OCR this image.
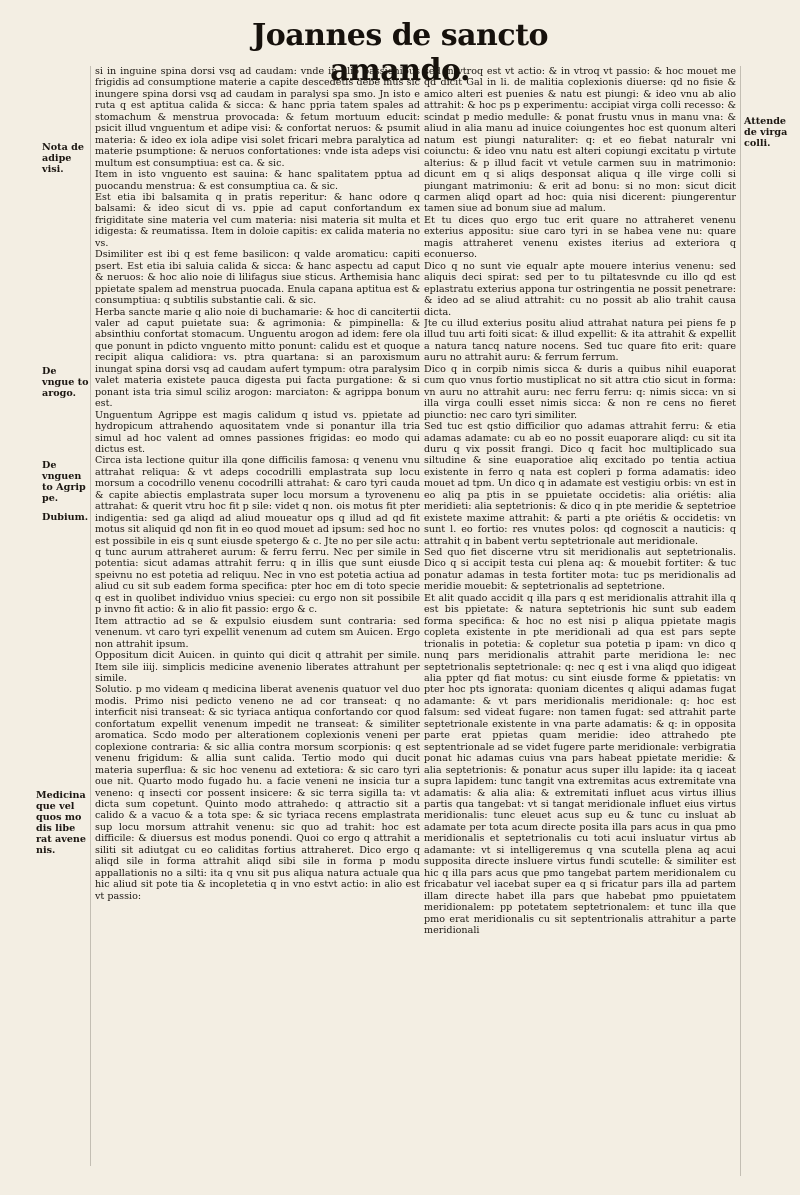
Joannes de sancto amando.
Nota de adipe visi.
De vngue to arogo.
De vnguen to Agrip pe.
Dubium.
Medicina que vel quos mo dis libe rat avene nis.
Attende de virga colli.

si in inguine spina dorsi vsq ad caudam: vnde in alio passionibus frigidis ad consumptione materie a capite descedetis debe mus sic inungere spina dorsi vsq ad caudam in paralysi spa smo. Jn isto e ruta q est aptitua calida & sicca: & hanc ppria tatem spales ad stomachum & menstrua provocada: & fetum mortuum educit: psicit illud vnguentum et adipe visi: & confortat neruos: & psumit materia: & ideo ex iola adipe visi solet fricari mebra paralytica ad materie psumptione: & neruos confortationes: vnde ista adeps visi multum est consumptiua: est ca. & sic.

Item in isto vnguento est sauina: & hanc spalitatem pptua ad puocandu menstrua: & est consumptiua ca. & sic.

Est etia ibi balsamita q in pratis reperitur: & hanc odore q balsami: & ideo sicut di vs. ppie ad caput confortandum ex frigiditate sine materia vel cum materia: nisi materia sit multa et idigesta: & reumatissa. Item in doloie capitis: ex calida materia no vs.

Dsimiliter est ibi q est feme basilicon: q valde aromaticu: capiti psert. Est etia ibi saluia calida & sicca: & hanc aspectu ad caput & neruos: & hoc alio noie di lilifagus siue sticus. Arthemisia hanc ppietate spalem ad menstrua puocada. Enula capana aptitua est & consumptiua: q subtilis substantie cali. & sic.

Herba sancte marie q alio noie di buchamarie: & hoc di cancitertii valer ad caput puietate sua: & agrimonia: & pimpinella: & absinthiu confortat stomacum. Unguentu arogon ad idem: fere ola que ponunt in pdicto vnguento mitto ponunt: calidu est et quoque recipit aliqua calidiora: vs. ptra quartana: si an paroxismum inungat spina dorsi vsq ad caudam aufert tympum: otra paralysim valet materia existete pauca digesta pui facta purgatione: & si ponant ista tria simul sciliz arogon: marciaton: & agrippa bonum est.

Unguentum Agrippe est magis calidum q istud vs. ppietate ad hydropicum attrahendo aquositatem vnde si ponantur illa tria simul ad hoc valent ad omnes passiones frigidas: eo modo qui dictus est.

Circa ista lectione quitur illa qone difficilis famosa: q venenu vnu attrahat reliqua: & vt adeps cocodrilli emplastrata sup locu morsum a cocodrillo venenu cocodrilli attrahat: & caro tyri cauda & capite abiectis emplastrata super locu morsum a tyrovenenu attrahat: & querit vtru hoc fit p sile: videt q non. ois motus fit pter indigentia: sed ga aliqd ad aliud moueatur ops q illud ad qd fit motus sit aliquid qd non fit in eo quod mouet ad ipsum: sed hoc no est possibile in eis q sunt eiusde spetergo & c. Jte no per sile actu: q tunc aurum attraheret aurum: & ferru ferru. Nec per simile in potentia: sicut adamas attrahit ferru: q in illis que sunt eiusde speivnu no est potetia ad reliquu. Nec in vno est potetia actiua ad aliud cu sit sub eadem forma specifica: pter hoc em di toto specie q est in quolibet individuo vnius speciei: cu ergo non sit possibile p invno fit actio: & in alio fit passio: ergo & c.

Item attractio ad se & expulsio eiusdem sunt contraria: sed venenum. vt caro tyri expellit venenum ad cutem sm Auicen. Ergo non attrahit ipsum.

Oppositum dicit Auicen. in quinto qui dicit q attrahit per simile. Item sile iiij. simplicis medicine avenenio liberates attrahunt per simile.

Solutio. p mo videam q medicina liberat avenenis quatuor vel duo modis. Primo nisi pedicto veneno ne ad cor transeat: q no interficit nisi transeat: & sic tyriaca antiqua confortando cor quod confortatum expellit venenum impedit ne transeat: & similiter aromatica. Scdo modo per alterationem coplexionis veneni per coplexione contraria: & sic allia contra morsum scorpionis: q est venenu frigidum: & allia sunt calida. Tertio modo qui ducit materia superflua: & sic hoc venenu ad extetiora: & sic caro tyri oue nit. Quarto modo fugado hu. a facie veneni ne insicia tur a veneno: q insecti cor possent insicere: & sic terra sigilla ta: vt dicta sum copetunt. Quinto modo attrahedo: q attractio sit a calido & a vacuo & a tota spe: & sic tyriaca recens emplastrata sup locu morsum attrahit venenu: sic quo ad trahit: hoc est difficile: & diuersus est modus ponendi. Quoi co ergo q attrahit a siliti sit adiutgat cu eo caliditas fortius attraheret. Dico ergo q aliqd sile in forma attrahit aliqd sibi sile in forma p modu appallationis no a silti: ita q vnu sit pus aliqua natura actuale qua hic aliud sit pote tia & incopletetia q in vno estvt actio: in alio est vt passio:

sed in vtroq est vt actio: & in vtroq vt passio: & hoc mouet me qd dicit Gal in li. de malitia coplexionis diuerse: qd no fisie & amico alteri est puenies & natu est piungi: & ideo vnu ab alio attrahit: & hoc ps p experimentu: accipiat virga colli recesso: & scindat p medio medulle: & ponat frustu vnus in manu vna: & aliud in alia manu ad inuice coiungentes hoc est quonum alteri natum est piungi naturaliter: q: et eo fiebat naturalr vni coiunctu: & ideo vnu natu est alteri copiungi excitatu p virtute alterius: & p illud facit vt vetule carmen suu in matrimonio: dicunt em q si aliqs desponsat aliqua q ille virge colli si piungant matrimoniu: & erit ad bonu: si no mon: sicut dicit carmen aliqd opart ad hoc: quia nisi dicerent: piungerentur tamen siue ad bonum siue ad malum.

Et tu dices quo ergo tuc erit quare no attraheret venenu exterius appositu: siue caro tyri in se habea vene nu: quare magis attraheret venenu existes iterius ad exteriora q econuerso.

Dico q no sunt vie equalr apte mouere interius venenu: sed aliquis deci spirat: sed per to tu piltatesvnde cu illo qd est eplastratu exterius appona tur ostringentia ne possit penetrare: & ideo ad se aliud attrahit: cu no possit ab alio trahit causa dicta.

Jte cu illud exterius positu aliud attrahat natura pei piens fe p illud tuu arti foiti sicat: & illud expellit: & ita attrahit & expellit a natura tancq nature nocens. Sed tuc quare fito erit: quare auru no attrahit auru: & ferrum ferrum.

Dico q in corpib nimis sicca & duris a quibus nihil euaporat cum quo vnus fortio mustiplicat no sit attra ctio sicut in forma: vn auru no attrahit auru: nec ferru ferru: q: nimis sicca: vn si illa virga coulli esset nimis sicca: & non re cens no fieret piunctio: nec caro tyri similiter.

Sed tuc est qstio difficilior quo adamas attrahit ferru: & etia adamas adamate: cu ab eo no possit euaporare aliqd: cu sit ita duru q vix possit frangi. Dico q facit hoc multiplicado sua siltudine & sine euaporatioe aliq excitado po tentia actiua existente in ferro q nata est copleri p forma adamatis: ideo mouet ad tpm. Un dico q in adamate est vestigiu orbis: vn est in eo aliq pa ptis in se ppuietate occidetis: alia oriétis: alia meridieti: alia septetrionis: & dico q in pte meridie & septetrioe existete maxime attrahit: & parti a pte oriétis & occidetis: vn sunt l. eo fortio: res vnutes polos: qd cognoscit a nauticis: q attrahit q in babent vertu septetrionale aut meridionale.

Sed quo fiet discerne vtru sit meridionalis aut septetrionalis. Dico q si accipit testa cui plena aq: & mouebit fortiter: & tuc ponatur adamas in testa fortiter mota: tuc ps meridionalis ad meridie mouebit: & septetrionalis ad septetrione.

Et alit quado accidit q illa pars q est meridionalis attrahit illa q est bis ppietate: & natura septetrionis hic sunt sub eadem forma specifica: & hoc no est nisi p aliqua ppietate magis copleta existente in pte meridionali ad qua est pars septe trionalis in potetia: & copletur sua potetia p ipam: vn dico q nunq pars meridionalis attrahit parte meridiona le: nec septetrionalis septetrionale: q: nec q est i vna aliqd quo idigeat alia ppter qd fiat motus: cu sint eiusde forme & ppietatis: vn pter hoc pts ignorata: quoniam dicentes q aliqui adamas fugat adamante: & vt pars meridionalis meridionale: q: hoc est falsum: sed videat fugare: non tamen fugat: sed attrahit parte septetrionale existente in vna parte adamatis: & q: in opposita parte erat ppietas quam meridie: ideo attrahedo pte septentrionale ad se videt fugere parte meridionale: verbigratia ponat hic adamas cuius vna pars habeat ppietate meridie: & alia septetrionis: & ponatur acus super illu lapide: ita q iaceat supra lapidem: tunc tangit vna extremitas acus extremitate vna adamatis: & alia alia: & extremitati influet acus virtus illius partis qua tangebat: vt si tangat meridionale influet eius virtus meridionalis: tunc eleuet acus sup eu & tunc cu insluat ab adamate per tota acum directe posita illa pars acus in qua pmo meridionalis et septetrionalis cu toti acui insluatur virtus ab adamante: vt si intelligeremus q vna scutella plena aq acui supposita directe insluere virtus fundi scutelle: & similiter est hic q illa pars acus que pmo tangebat partem meridionalem cu fricabatur vel iacebat super ea q si fricatur pars illa ad partem illam directe habet illa pars que habebat pmo ppuietatem meridionalem: pp potetatem septetrionalem: et tunc illa que pmo erat meridionalis cu sit septentrionalis attrahitur a parte meridionali
